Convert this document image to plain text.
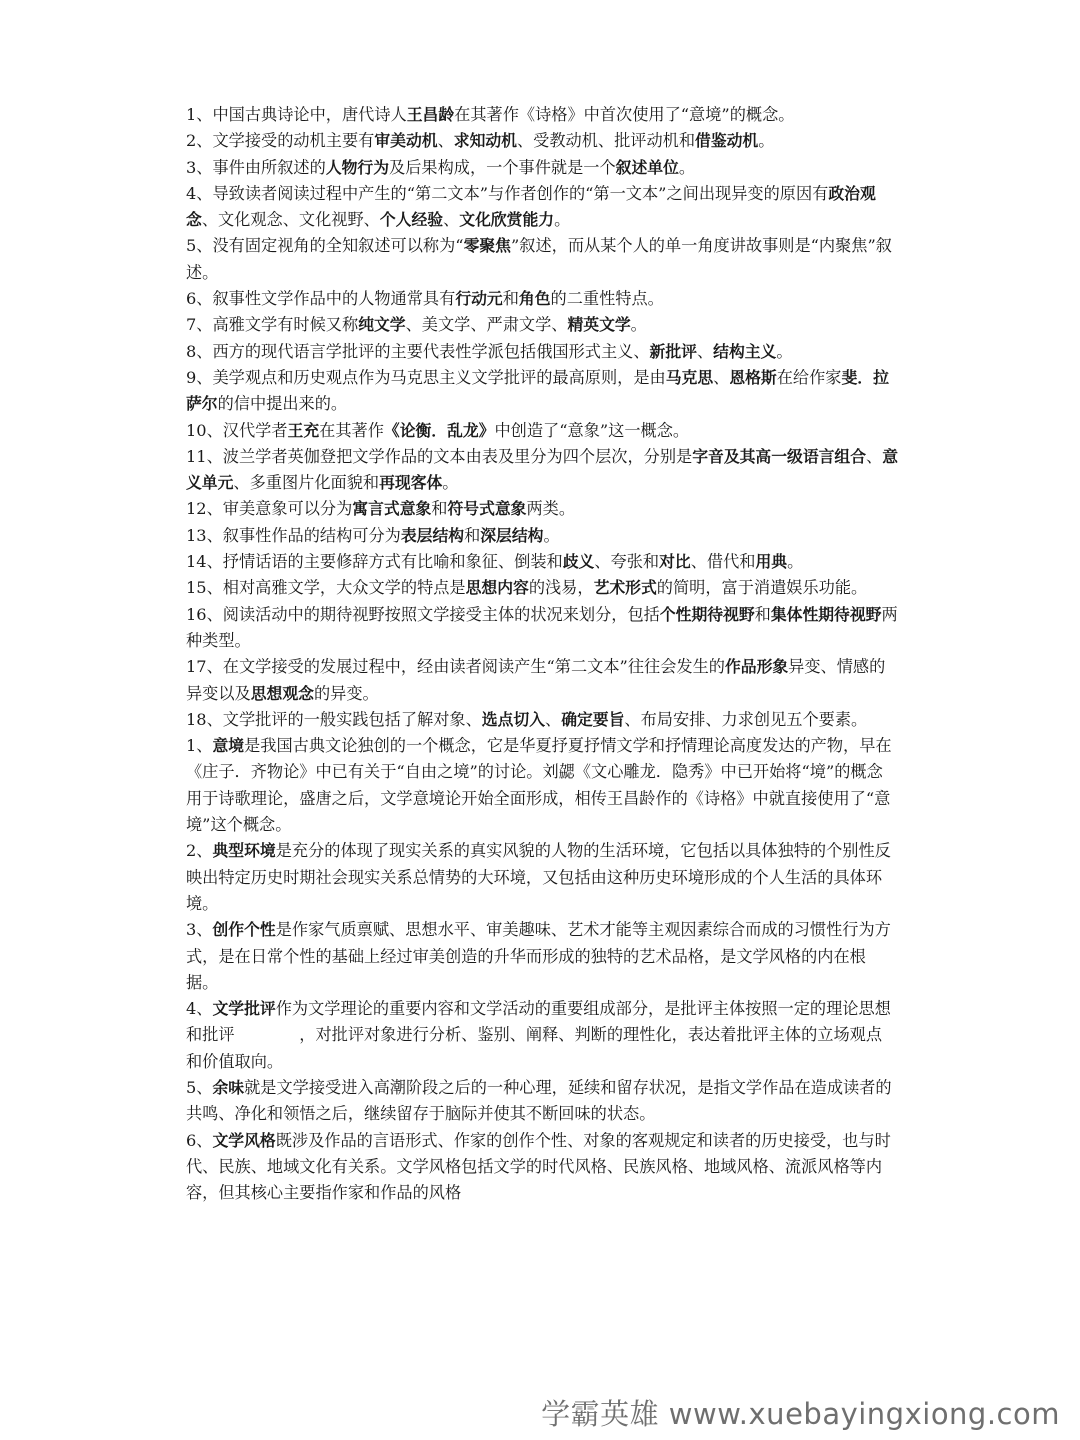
1、中国古典诗论中，唐代诗人王昌龄在其著作《诗格》中首次使用了“意境”的概念。

2、文学接受的动机主要有审美动机、求知动机、受教动机、批评动机和借鉴动机。

3、事件由所叙述的人物行为及后果构成，一个事件就是一个叙述单位。

4、导致读者阅读过程中产生的“第二文本”与作者创作的“第一文本”之间出现异变的原因有政治观念、文化观念、文化视野、个人经验、文化欣赏能力。

5、没有固定视角的全知叙述可以称为“零聚焦”叙述，而从某个人的单一角度讲故事则是“内聚焦”叙述。

6、叙事性文学作品中的人物通常具有行动元和角色的二重性特点。

7、高雅文学有时候又称纯文学、美文学、严肃文学、精英文学。

8、西方的现代语言学批评的主要代表性学派包括俄国形式主义、新批评、结构主义。

9、美学观点和历史观点作为马克思主义文学批评的最高原则，是由马克思、恩格斯在给作家斐．拉萨尔的信中提出来的。

10、汉代学者王充在其著作《论衡．乱龙》中创造了“意象”这一概念。

11、波兰学者英伽登把文学作品的文本由表及里分为四个层次，分别是字音及其高一级语言组合、意义单元、多重图片化面貌和再现客体。

12、审美意象可以分为寓言式意象和符号式意象两类。

13、叙事性作品的结构可分为表层结构和深层结构。

14、抒情话语的主要修辞方式有比喻和象征、倒装和歧义、夸张和对比、借代和用典。

15、相对高雅文学，大众文学的特点是思想内容的浅易，艺术形式的简明，富于消遣娱乐功能。

16、阅读活动中的期待视野按照文学接受主体的状况来划分，包括个性期待视野和集体性期待视野两种类型。

17、在文学接受的发展过程中，经由读者阅读产生“第二文本”往往会发生的作品形象异变、情感的异变以及思想观念的异变。

18、文学批评的一般实践包括了解对象、选点切入、确定要旨、布局安排、力求创见五个要素。

1、意境是我国古典文论独创的一个概念，它是华夏抒夏抒情文学和抒情理论高度发达的产物，早在《庄子．齐物论》中已有关于“自由之境”的讨论。刘勰《文心雕龙．隐秀》中已开始将“境”的概念用于诗歌理论，盛唐之后，文学意境论开始全面形成，相传王昌龄作的《诗格》中就直接使用了“意境”这个概念。

2、典型环境是充分的体现了现实关系的真实风貌的人物的生活环境，它包括以具体独特的个别性反映出特定历史时期社会现实关系总情势的大环境，又包括由这种历史环境形成的个人生活的具体环境。

3、创作个性是作家气质禀赋、思想水平、审美趣味、艺术才能等主观因素综合而成的习惯性行为方式，是在日常个性的基础上经过审美创造的升华而形成的独特的艺术品格，是文学风格的内在根据。

4、文学批评作为文学理论的重要内容和文学活动的重要组成部分，是批评主体按照一定的理论思想和批评　　　　，对批评对象进行分析、鉴别、阐释、判断的理性化，表达着批评主体的立场观点和价值取向。

5、余味就是文学接受进入高潮阶段之后的一种心理，延续和留存状况，是指文学作品在造成读者的共鸣、净化和领悟之后，继续留存于脑际并使其不断回味的状态。

6、文学风格既涉及作品的言语形式、作家的创作个性、对象的客观规定和读者的历史接受，也与时代、民族、地域文化有关系。文学风格包括文学的时代风格、民族风格、地域风格、流派风格等内容，但其核心主要指作家和作品的风格

学霸英雄 www.xuebayingxiong.com
